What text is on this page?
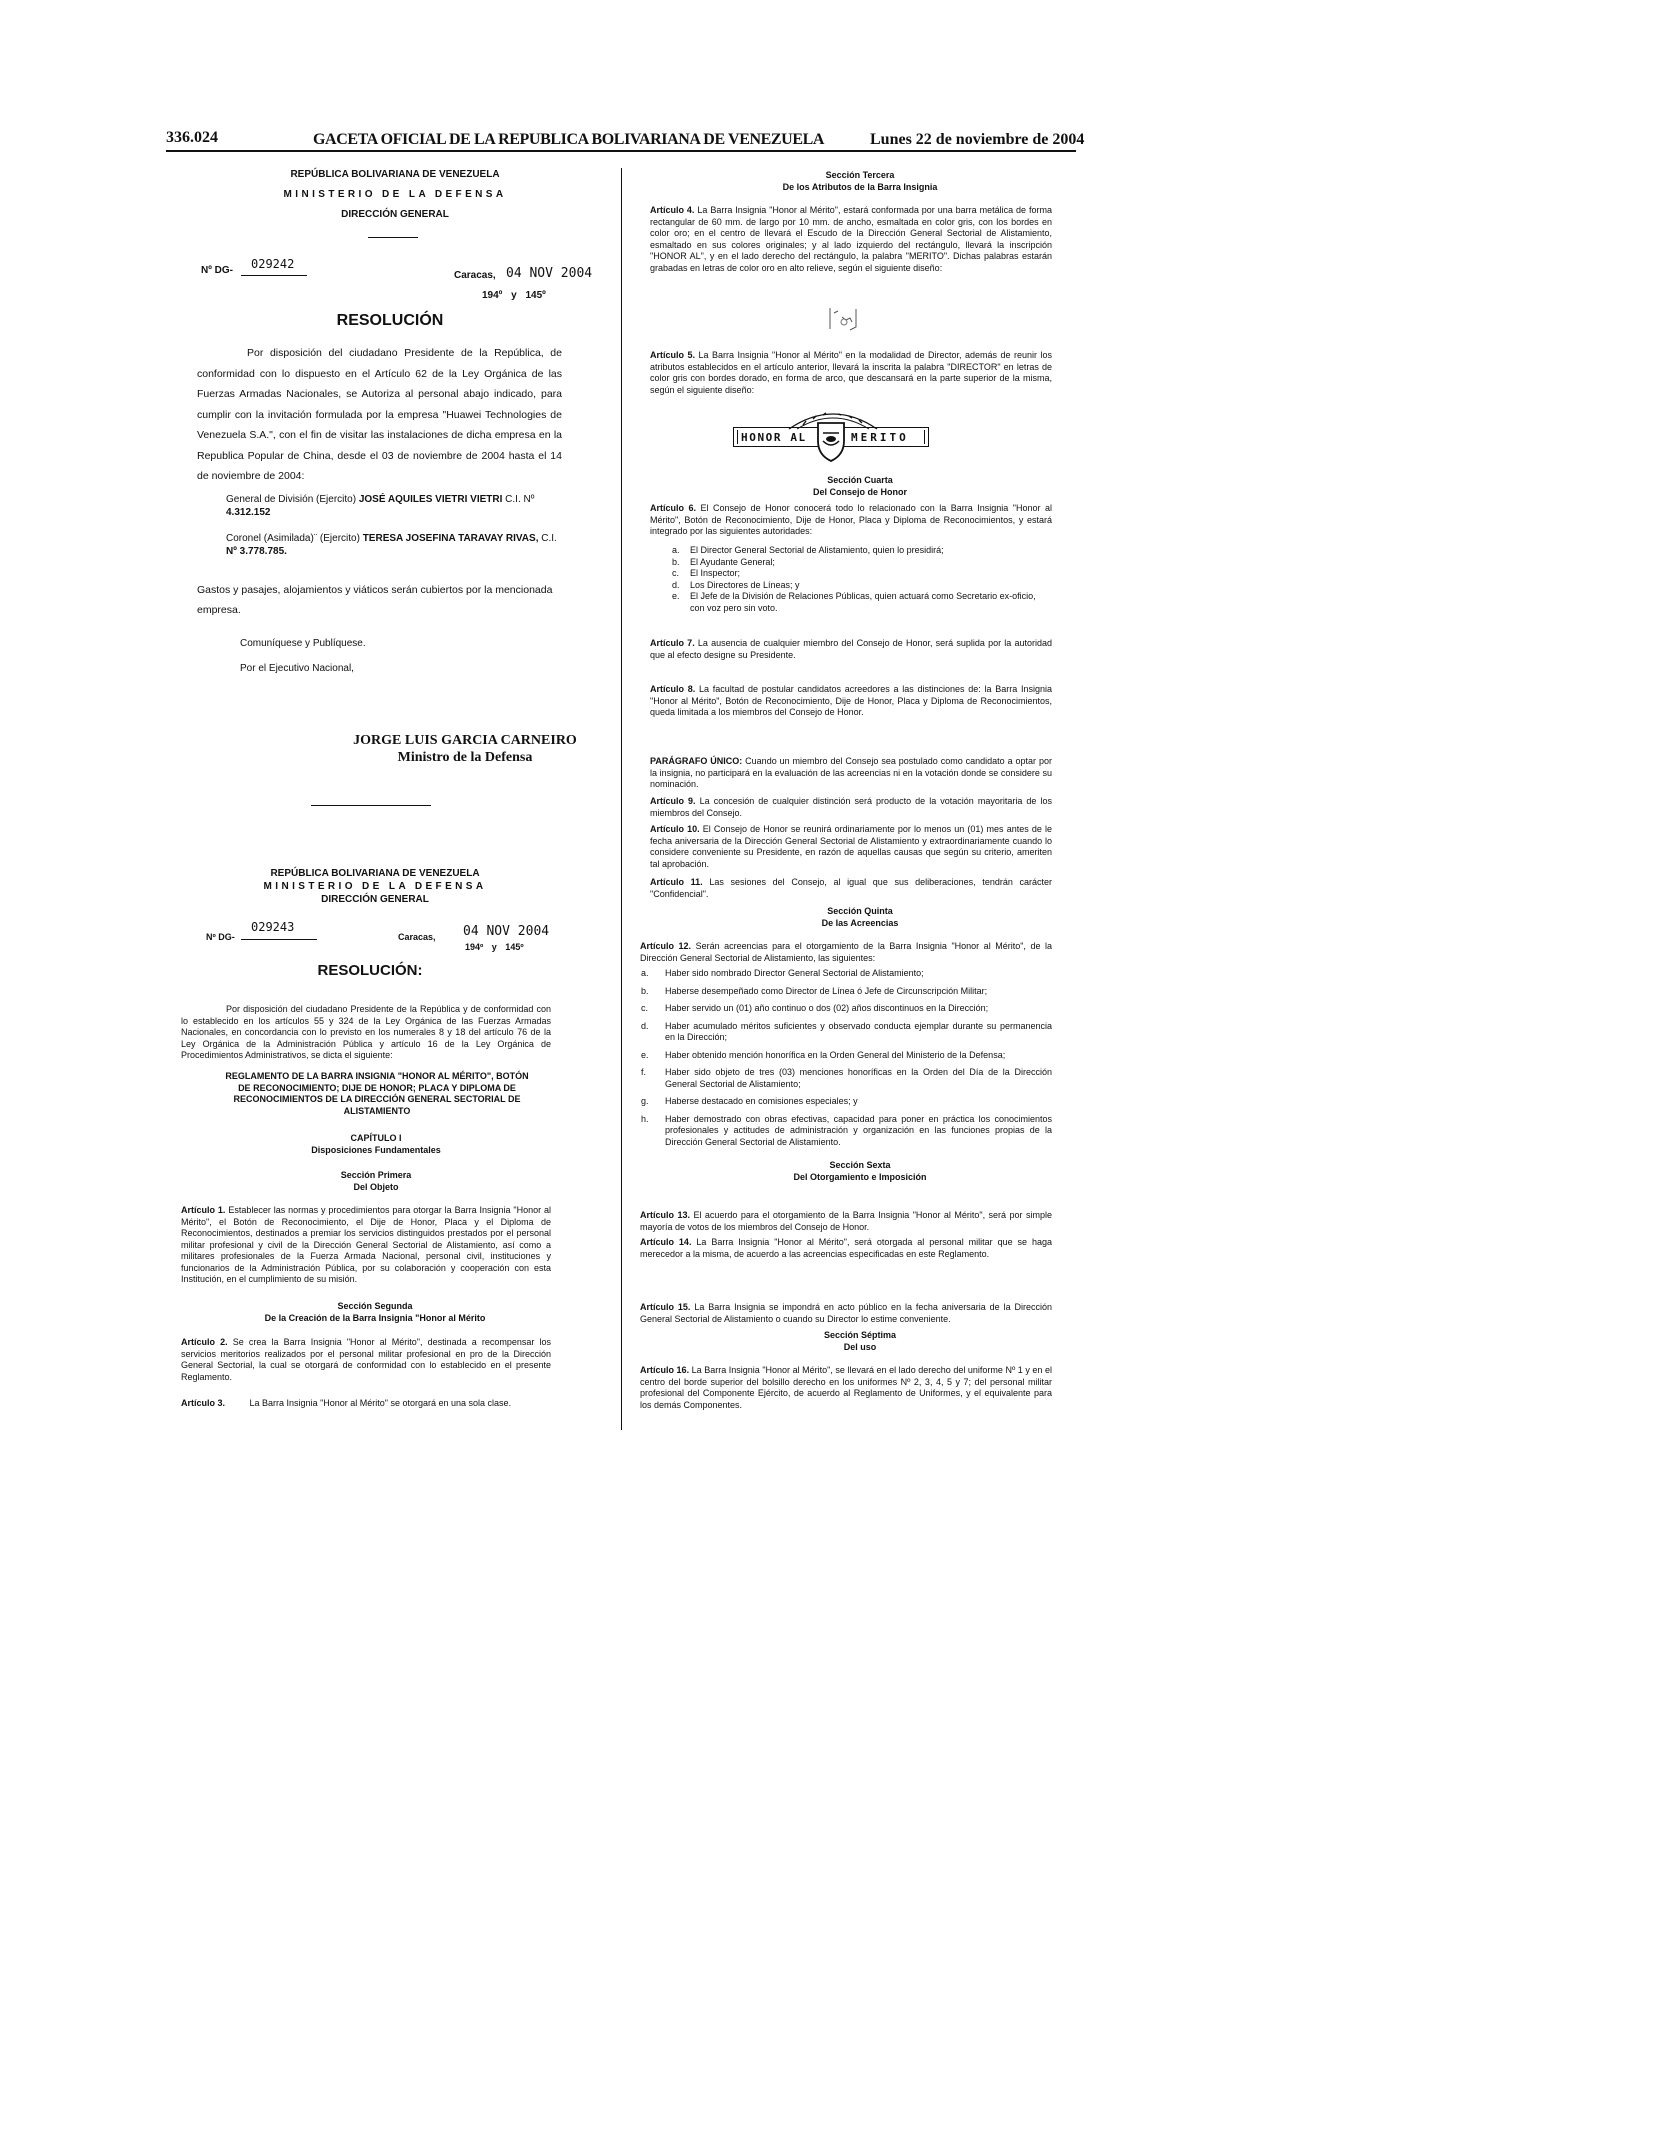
336.024	GACETA OFICIAL DE LA REPUBLICA BOLIVARIANA DE VENEZUELA	Lunes 22 de noviembre de 2004
REPÚBLICA BOLIVARIANA DE VENEZUELA
MINISTERIO DE LA DEFENSA
DIRECCIÓN GENERAL
Nº DG- 029242
Caracas, 04 NOV 2004
194º y 145º
RESOLUCIÓN
Por disposición del ciudadano Presidente de la República, de conformidad con lo dispuesto en el Artículo 62 de la Ley Orgánica de las Fuerzas Armadas Nacionales, se Autoriza al personal abajo indicado, para cumplir con la invitación formulada por la empresa "Huawei Technologies de Venezuela S.A.", con el fin de visitar las instalaciones de dicha empresa en la Republica Popular de China, desde el 03 de noviembre de 2004 hasta el 14 de noviembre de 2004:
General de División (Ejercito) JOSÉ AQUILES VIETRI VIETRI C.I. Nº
4.312.152
Coronel (Asimilada)¨ (Ejercito) TERESA JOSEFINA TARAVAY RIVAS, C.I.
Nº 3.778.785.
Gastos y pasajes, alojamientos y viáticos serán cubiertos por la mencionada empresa.
Comuníquese y Publíquese.
Por el Ejecutivo Nacional,
JORGE LUIS GARCIA CARNEIRO
Ministro de la Defensa
REPÚBLICA BOLIVARIANA DE VENEZUELA
MINISTERIO DE LA DEFENSA
DIRECCIÓN GENERAL
Nº DG-
029243
Caracas, 04 NOV 2004
194º y 145º
RESOLUCIÓN:
Por disposición del ciudadano Presidente de la República y de conformidad con lo establecido en los artículos 55 y 324 de la Ley Orgánica de las Fuerzas Armadas Nacionales, en concordancia con lo previsto en los numerales 8 y 18 del artículo 76 de la Ley Orgánica de la Administración Pública y artículo 16 de la Ley Orgánica de Procedimientos Administrativos, se dicta el siguiente:
REGLAMENTO DE LA BARRA INSIGNIA "HONOR AL MÉRITO", BOTÓN DE RECONOCIMIENTO; DIJE DE HONOR; PLACA Y DIPLOMA DE RECONOCIMIENTOS DE LA DIRECCIÓN GENERAL SECTORIAL DE ALISTAMIENTO
CAPÍTULO I
Disposiciones Fundamentales
Sección Primera
Del Objeto

Artículo 1. Establecer las normas y procedimientos para otorgar la Barra Insignia "Honor al Mérito", el Botón de Reconocimiento, el Dije de Honor, Placa y el Diploma de Reconocimientos, destinados a premiar los servicios distinguidos prestados por el personal militar profesional y civil de la Dirección General Sectorial de Alistamiento, así como a militares profesionales de la Fuerza Armada Nacional, personal civil, instituciones y funcionarios de la Administración Pública, por su colaboración y cooperación con esta Institución, en el cumplimiento de su misión.

Sección Segunda
De la Creación de la Barra Insignia "Honor al Mérito

Artículo 2. Se crea la Barra Insignia "Honor al Mérito", destinada a recompensar los servicios meritorios realizados por el personal militar profesional en pro de la Dirección General Sectorial, la cual se otorgará de conformidad con lo establecido en el presente Reglamento.

Artículo 3.	La Barra Insignia "Honor al Mérito" se otorgará en una sola clase.

Sección Tercera
De los Atributos de la Barra Insignia

Artículo 4. La Barra Insignia "Honor al Mérito", estará conformada por una barra metálica de forma rectangular de 60 mm. de largo por 10 mm. de ancho, esmaltada en color gris, con los bordes en color oro; en el centro de llevará el Escudo de la Dirección General Sectorial de Alistamiento, esmaltado en sus colores originales; y al lado izquierdo del rectángulo, llevará la inscripción "HONOR AL", y en el lado derecho del rectángulo, la palabra "MERITO". Dichas palabras estarán grabadas en letras de color oro en alto relieve, según el siguiente diseño:

Artículo 5. La Barra Insignia "Honor al Mérito" en la modalidad de Director, además de reunir los atributos establecidos en el artículo anterior, llevará la inscrita la palabra "DIRECTOR" en letras de color gris con bordes dorado, en forma de arco, que descansará en la parte superior de la misma, según el siguiente diseño:

HONOR AL	MERITO
Sección Cuarta
Del Consejo de Honor

Artículo 6. El Consejo de Honor conocerá todo lo relacionado con la Barra Insignia "Honor al Mérito", Botón de Reconocimiento, Dije de Honor, Placa y Diploma de Reconocimientos, y estará integrado por las siguientes autoridades:

a.	El Director General Sectorial de Alistamiento, quien lo presidirá;
b.	El Ayudante General;
c.	El Inspector;
d.	Los Directores de Líneas; y
e.	El Jefe de la División de Relaciones Públicas, quien actuará como Secretario ex-oficio, con voz pero sin voto.

Artículo 7. La ausencia de cualquier miembro del Consejo de Honor, será suplida por la autoridad que al efecto designe su Presidente.

Artículo 8. La facultad de postular candidatos acreedores a las distinciones de: la Barra Insignia "Honor al Mérito", Botón de Reconocimiento, Dije de Honor, Placa y Diploma de Reconocimientos, queda limitada a los miembros del Consejo de Honor.

PARÁGRAFO ÚNICO: Cuando un miembro del Consejo sea postulado como candidato a optar por la insignia, no participará en la evaluación de las acreencias ni en la votación donde se considere su nominación.

Artículo 9. La concesión de cualquier distinción será producto de la votación mayoritaria de los miembros del Consejo.

Artículo 10. El Consejo de Honor se reunirá ordinariamente por lo menos un (01) mes antes de le fecha aniversaria de la Dirección General Sectorial de Alistamiento y extraordinariamente cuando lo considere conveniente su Presidente, en razón de aquellas causas que según su criterio, ameriten tal aprobación.

Artículo 11. Las sesiones del Consejo, al igual que sus deliberaciones, tendrán carácter "Confidencial".

Sección Quinta
De las Acreencias

Artículo 12. Serán acreencias para el otorgamiento de la Barra Insignia "Honor al Mérito", de la Dirección General Sectorial de Alistamiento, las siguientes:

a.	Haber sido nombrado Director General Sectorial de Alistamiento;
b.	Haberse desempeñado como Director de Línea ó Jefe de Circunscripción Militar;
c.	Haber servido un (01) año continuo o dos (02) años discontinuos en la Dirección;
d.	Haber acumulado méritos suficientes y observado conducta ejemplar durante su permanencia en la Dirección;
e.	Haber obtenido mención honorífica en la Orden General del Ministerio de la Defensa;
f.	Haber sido objeto de tres (03) menciones honoríficas en la Orden del Día de la Dirección General Sectorial de Alistamiento;
g.	Haberse destacado en comisiones especiales; y
h.	Haber demostrado con obras efectivas, capacidad para poner en práctica los conocimientos profesionales y actitudes de administración y organización en las funciones propias de la Dirección General Sectorial de Alistamiento.
Sección Sexta
Del Otorgamiento e Imposición

Artículo 13. El acuerdo para el otorgamiento de la Barra Insignia "Honor al Mérito", será por simple mayoría de votos de los miembros del Consejo de Honor.

Artículo 14. La Barra Insignia "Honor al Mérito", será otorgada al personal militar que se haga merecedor a la misma, de acuerdo a las acreencias especificadas en este Reglamento.

Artículo 15. La Barra Insignia se impondrá en acto público en la fecha aniversaria de la Dirección General Sectorial de Alistamiento o cuando su Director lo estime conveniente.

Sección Séptima
Del uso

Artículo 16. La Barra Insignia "Honor al Mérito", se llevará en el lado derecho del uniforme Nº 1 y en el centro del borde superior del bolsillo derecho en los uniformes Nº 2, 3, 4, 5 y 7; del personal militar profesional del Componente Ejército, de acuerdo al Reglamento de Uniformes, y el equivalente para los demás Componentes.
